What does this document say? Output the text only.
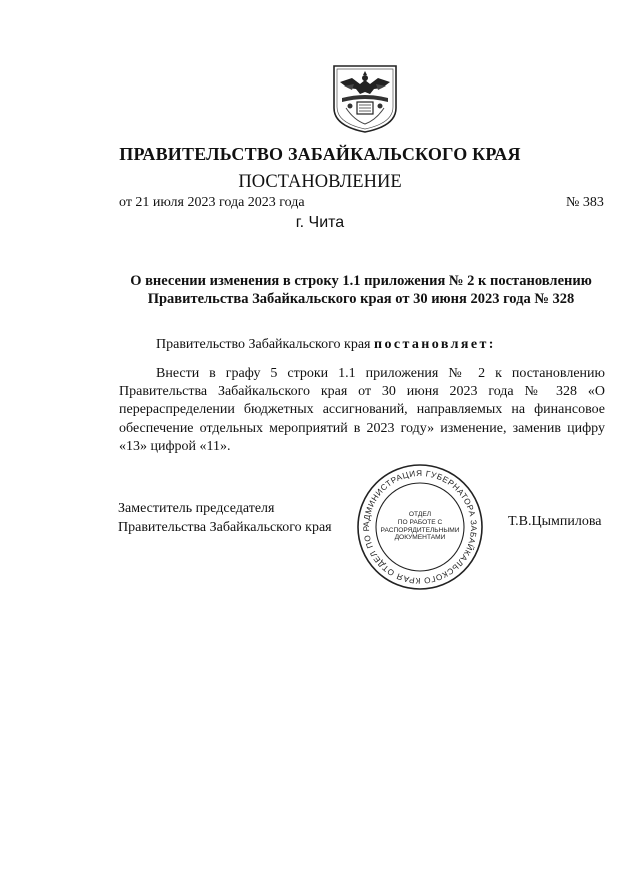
ПРАВИТЕЛЬСТВО ЗАБАЙКАЛЬСКОГО КРАЯ
ПОСТАНОВЛЕНИЕ
от 21 июля 2023 года 2023 года	№ 383
г. Чита
О внесении изменения в строку 1.1 приложения № 2 к постановлению
Правительства Забайкальского края от 30 июня 2023 года № 328
Правительство Забайкальского края постановляет:
Внести в графу 5 строки 1.1 приложения № 2 к постановлению Правительства Забайкальского края от 30 июня 2023 года № 328 «О перераспределении бюджетных ассигнований, направляемых на финансовое обеспечение отдельных мероприятий в 2023 году» изменение, заменив цифру «13» цифрой «11».
Заместитель председателя
Правительства Забайкальского края	Т.В.Цымпилова
АДМИНИСТРАЦИЯ ГУБЕРНАТОРА ЗАБАЙКАЛЬСКОГО КРАЯ ОТДЕЛ ПО Р
ОТДЕЛ
ПО РАБОТЕ С
РАСПОРЯДИТЕЛЬНЫМИ
ДОКУМЕНТАМИ
